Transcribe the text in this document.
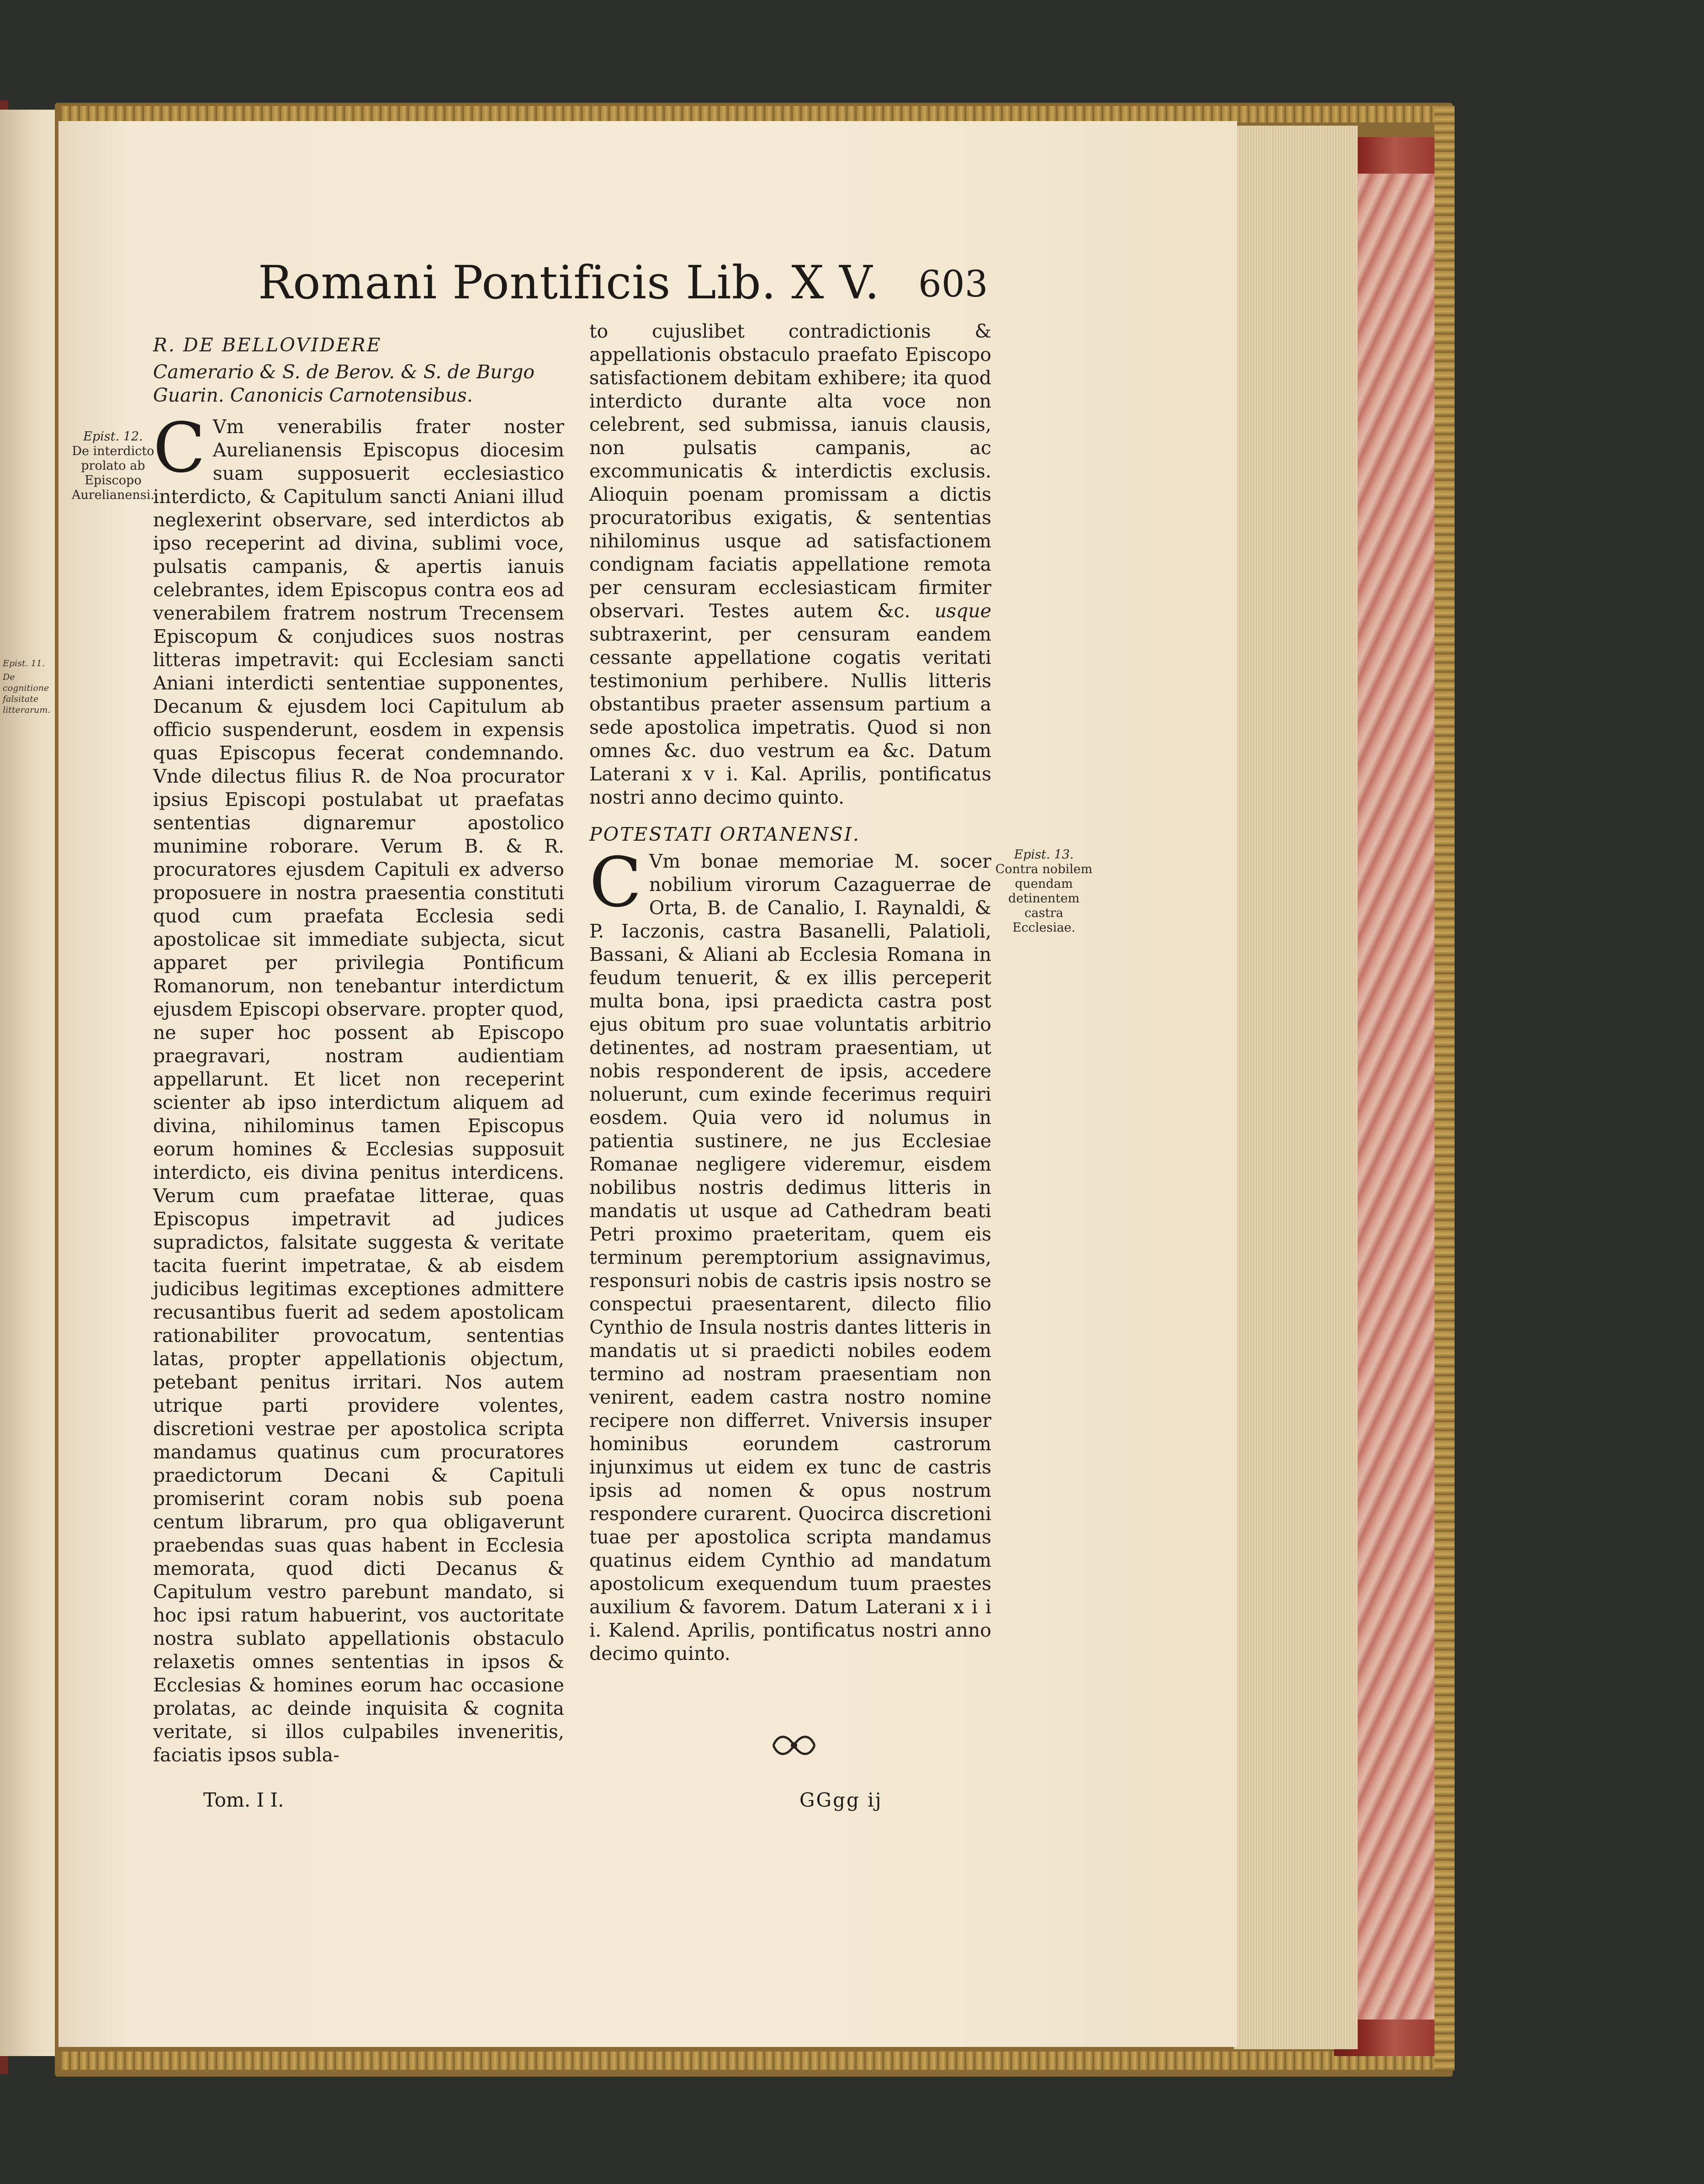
Epist. 11.
De cognitione falsitate litterarum.
Romani Pontificis Lib. X V. 603
Epist. 12.
De interdicto prolato ab Episcopo Aurelianensi.

R. DE BELLOVIDERE

Camerario & S. de Berov. & S. de Burgo Guarin. Canonicis Carnotensibus.

C Vm venerabilis frater noster Aurelianensis Episcopus diocesim suam supposuerit ecclesiastico interdicto, & Capitulum sancti Aniani illud neglexerint observare, sed interdictos ab ipso receperint ad divina, sublimi voce, pulsatis campanis, & apertis ianuis celebrantes, idem Episcopus contra eos ad venerabilem fratrem nostrum Trecensem Episcopum & conjudices suos nostras litteras impetravit: qui Ecclesiam sancti Aniani interdicti sententiae supponentes, Decanum & ejusdem loci Capitulum ab officio suspenderunt, eosdem in expensis quas Episcopus fecerat condemnando. Vnde dilectus filius R. de Noa procurator ipsius Episcopi postulabat ut praefatas sententias dignaremur apostolico munimine roborare. Verum B. & R. procuratores ejusdem Capituli ex adverso proposuere in nostra praesentia constituti quod cum praefata Ecclesia sedi apostolicae sit immediate subjecta, sicut apparet per privilegia Pontificum Romanorum, non tenebantur interdictum ejusdem Episcopi observare. propter quod, ne super hoc possent ab Episcopo praegravari, nostram audientiam appellarunt. Et licet non receperint scienter ab ipso interdictum aliquem ad divina, nihilominus tamen Episcopus eorum homines & Ecclesias supposuit interdicto, eis divina penitus interdicens. Verum cum praefatae litterae, quas Episcopus impetravit ad judices supradictos, falsitate suggesta & veritate tacita fuerint impetratae, & ab eisdem judicibus legitimas exceptiones admittere recusantibus fuerit ad sedem apostolicam rationabiliter provocatum, sententias latas, propter appellationis objectum, petebant penitus irritari. Nos autem utrique parti providere volentes, discretioni vestrae per apostolica scripta mandamus quatinus cum procuratores praedictorum Decani & Capituli promiserint coram nobis sub poena centum librarum, pro qua obligaverunt praebendas suas quas habent in Ecclesia memorata, quod dicti Decanus & Capitulum vestro parebunt mandato, si hoc ipsi ratum habuerint, vos auctoritate nostra sublato appellationis obstaculo relaxetis omnes sententias in ipsos & Ecclesias & homines eorum hac occasione prolatas, ac deinde inquisita & cognita veritate, si illos culpabiles inveneritis, faciatis ipsos subla-

to cujuslibet contradictionis & appellationis obstaculo praefato Episcopo satisfactionem debitam exhibere; ita quod interdicto durante alta voce non celebrent, sed submissa, ianuis clausis, non pulsatis campanis, ac excommunicatis & interdictis exclusis. Alioquin poenam promissam a dictis procuratoribus exigatis, & sententias nihilominus usque ad satisfactionem condignam faciatis appellatione remota per censuram ecclesiasticam firmiter observari. Testes autem &c. usque subtraxerint, per censuram eandem cessante appellatione cogatis veritati testimonium perhibere. Nullis litteris obstantibus praeter assensum partium a sede apostolica impetratis. Quod si non omnes &c. duo vestrum ea &c. Datum Laterani x v i. Kal. Aprilis, pontificatus nostri anno decimo quinto.

POTESTATI ORTANENSI.

C Vm bonae memoriae M. socer nobilium virorum Cazaguerrae de Orta, B. de Canalio, I. Raynaldi, & P. Iaczonis, castra Basanelli, Palatioli, Bassani, & Aliani ab Ecclesia Romana in feudum tenuerit, & ex illis perceperit multa bona, ipsi praedicta castra post ejus obitum pro suae voluntatis arbitrio detinentes, ad nostram praesentiam, ut nobis responderent de ipsis, accedere noluerunt, cum exinde fecerimus requiri eosdem. Quia vero id nolumus in patientia sustinere, ne jus Ecclesiae Romanae negligere videremur, eisdem nobilibus nostris dedimus litteris in mandatis ut usque ad Cathedram beati Petri proximo praeteritam, quem eis terminum peremptorium assignavimus, responsuri nobis de castris ipsis nostro se conspectui praesentarent, dilecto filio Cynthio de Insula nostris dantes litteris in mandatis ut si praedicti nobiles eodem termino ad nostram praesentiam non venirent, eadem castra nostro nomine recipere non differret. Vniversis insuper hominibus eorundem castrorum injunximus ut eidem ex tunc de castris ipsis ad nomen & opus nostrum respondere curarent. Quocirca discretioni tuae per apostolica scripta mandamus quatinus eidem Cynthio ad mandatum apostolicum exequendum tuum praestes auxilium & favorem. Datum Laterani x i i i. Kalend. Aprilis, pontificatus nostri anno decimo quinto.

Epist. 13.
Contra nobilem quendam detinentem castra Ecclesiae.
Tom. I I.	GGgg ij
